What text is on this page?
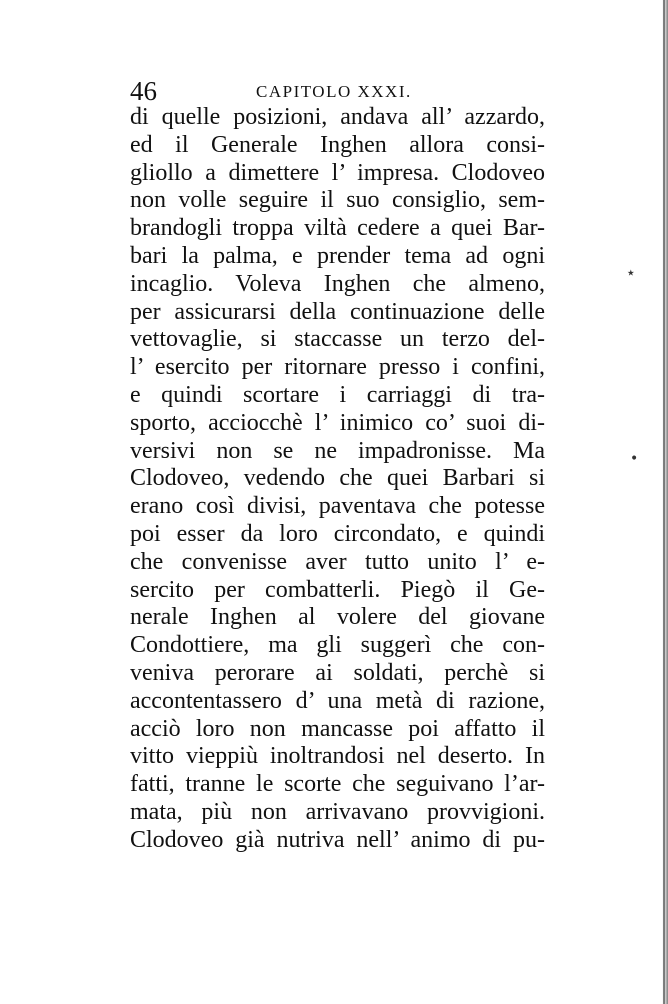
٭
•
46	CAPITOLO XXXI.
di quelle posizioni, andava all’ azzardo,
ed il Generale Inghen allora consi-
gliollo a dimettere l’ impresa. Clodoveo
non volle seguire il suo consiglio, sem-
brandogli troppa viltà cedere a quei Bar-
bari la palma, e prender tema ad ogni
incaglio. Voleva Inghen che almeno,
per assicurarsi della continuazione delle
vettovaglie, si staccasse un terzo del-
l’ esercito per ritornare presso i confini,
e quindi scortare i carriaggi di tra-
sporto, acciocchè l’ inimico co’ suoi di-
versivi non se ne impadronisse. Ma
Clodoveo, vedendo che quei Barbari si
erano così divisi, paventava che potesse
poi esser da loro circondato, e quindi
che convenisse aver tutto unito l’ e-
sercito per combatterli. Piegò il Ge-
nerale Inghen al volere del giovane
Condottiere, ma gli suggerì che con-
veniva perorare ai soldati, perchè si
accontentassero d’ una metà di razione,
acciò loro non mancasse poi affatto il
vitto vieppiù inoltrandosi nel deserto. In
fatti, tranne le scorte che seguivano l’ar-
mata, più non arrivavano provvigioni.
Clodoveo già nutriva nell’ animo di pu-
